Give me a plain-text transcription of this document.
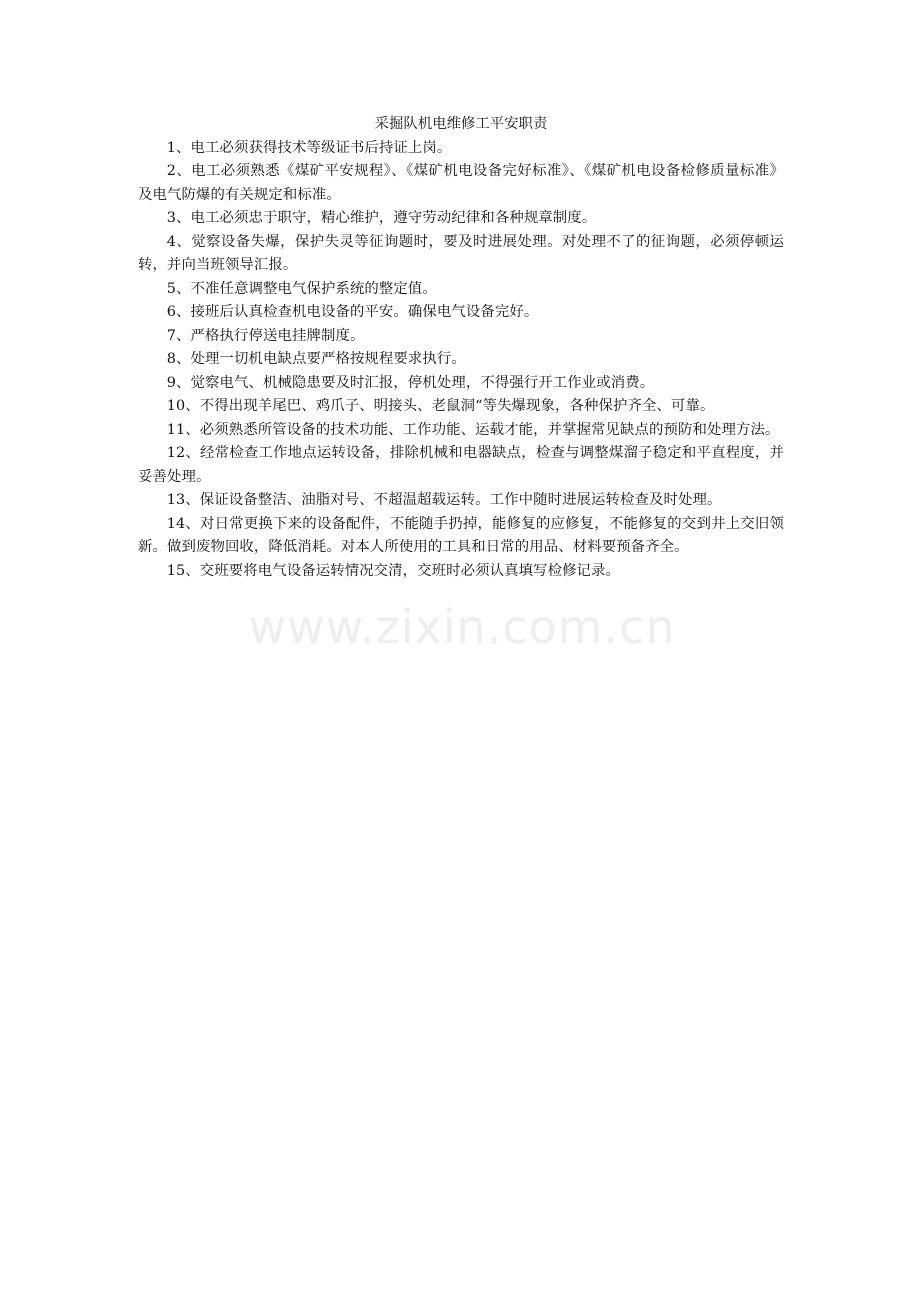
采掘队机电维修工平安职责

1、电工必须获得技术等级证书后持证上岗。

2、电工必须熟悉《煤矿平安规程》、《煤矿机电设备完好标准》、《煤矿机电设备检修质量标准》及电气防爆的有关规定和标准。

3、电工必须忠于职守，精心维护，遵守劳动纪律和各种规章制度。

4、觉察设备失爆，保护失灵等征询题时，要及时进展处理。对处理不了的征询题，必须停顿运转，并向当班领导汇报。

5、不准任意调整电气保护系统的整定值。

6、接班后认真检查机电设备的平安。确保电气设备完好。

7、严格执行停送电挂牌制度。

8、处理一切机电缺点要严格按规程要求执行。

9、觉察电气、机械隐患要及时汇报，停机处理，不得强行开工作业或消费。

10、不得出现羊尾巴、鸡爪子、明接头、老鼠洞“等失爆现象，各种保护齐全、可靠。

11、必须熟悉所管设备的技术功能、工作功能、运载才能，并掌握常见缺点的预防和处理方法。

12、经常检查工作地点运转设备，排除机械和电器缺点，检查与调整煤溜子稳定和平直程度，并妥善处理。

13、保证设备整洁、油脂对号、不超温超载运转。工作中随时进展运转检查及时处理。

14、对日常更换下来的设备配件，不能随手扔掉，能修复的应修复，不能修复的交到井上交旧领新。做到废物回收，降低消耗。对本人所使用的工具和日常的用品、材料要预备齐全。

15、交班要将电气设备运转情况交清，交班时必须认真填写检修记录。

www.zixin.com.cn
